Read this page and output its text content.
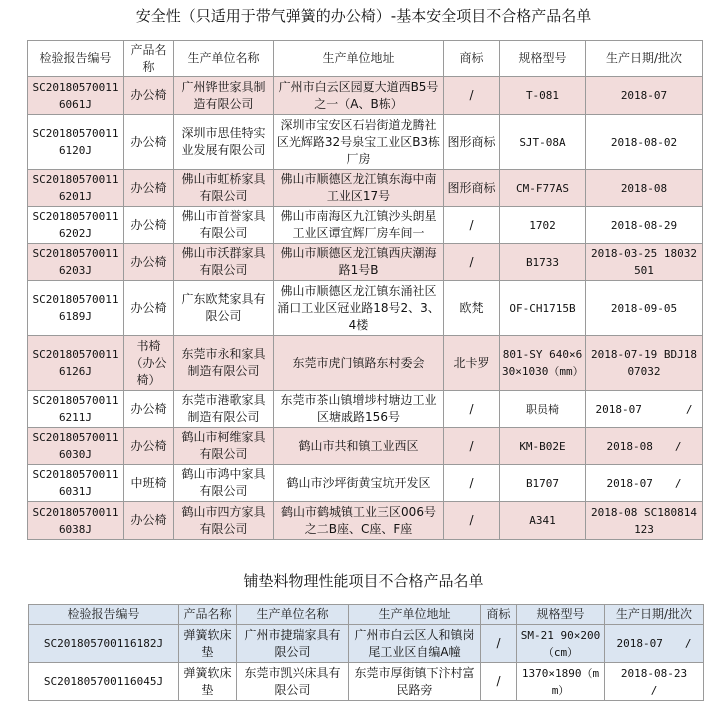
安全性（只适用于带气弹簧的办公椅）-基本安全项目不合格产品名单
检验报告编号	产品名称	生产单位名称	生产单位地址	商标	规格型号	生产日期/批次
SC201805700116061J	办公椅	广州铧世家具制造有限公司	广州市白云区园夏大道西B5号之一（A、B栋）	/	T-081	2018-07
SC201805700116120J	办公椅	深圳市思佳特实业发展有限公司	深圳市宝安区石岩街道龙腾社区光辉路32号泉宝工业区B3栋厂房	图形商标	SJT-08A	2018-08-02
SC201805700116201J	办公椅	佛山市虹桥家具有限公司	佛山市顺德区龙江镇东海中南工业区17号	图形商标	CM-F77AS	2018-08
SC201805700116202J	办公椅	佛山市首誉家具有限公司	佛山市南海区九江镇沙头朗星工业区谭宜辉厂房车间一	/	1702	2018-08-29
SC201805700116203J	办公椅	佛山市沃群家具有限公司	佛山市顺德区龙江镇西庆潮海路1号B	/	B1733	2018-03-25 18032501
SC201805700116189J	办公椅	广东欧梵家具有限公司	佛山市顺德区龙江镇东涌社区涌口工业区冠业路18号2、3、4楼	欧梵	OF-CH1715B	2018-09-05
SC201805700116126J	书椅（办公椅）	东莞市永和家具制造有限公司	东莞市虎门镇路东村委会	北卡罗	801-SY 640×630×1030（mm）	2018-07-19 BDJ1807032
SC201805700116211J	办公椅	东莞市港歌家具制造有限公司	东莞市茶山镇增埗村塘边工业区塘戚路156号	/	职员椅	2018-07　　　　/
SC201805700116030J	办公椅	鹤山市柯维家具有限公司	鹤山市共和镇工业西区	/	KM-B02E	2018-08　　/
SC201805700116031J	中班椅	鹤山市鸿中家具有限公司	鹤山市沙坪街黄宝坑开发区	/	B1707	2018-07　　/
SC201805700116038J	办公椅	鹤山市四方家具有限公司	鹤山市鹤城镇工业三区006号之二B座、C座、F座	/	A341	2018-08 SC180814123
铺垫料物理性能项目不合格产品名单
检验报告编号	产品名称	生产单位名称	生产单位地址	商标	规格型号	生产日期/批次
SC201805700116182J	弹簧软床垫	广州市捷瑞家具有限公司	广州市白云区人和镇岗尾工业区自编A幢	/	SM-21 90×200（cm）	2018-07　　/
SC201805700116045J	弹簧软床垫	东莞市凯兴床具有限公司	东莞市厚街镇下汴村富民路旁	/	1370×1890（mm）	2018-08-23　　/
